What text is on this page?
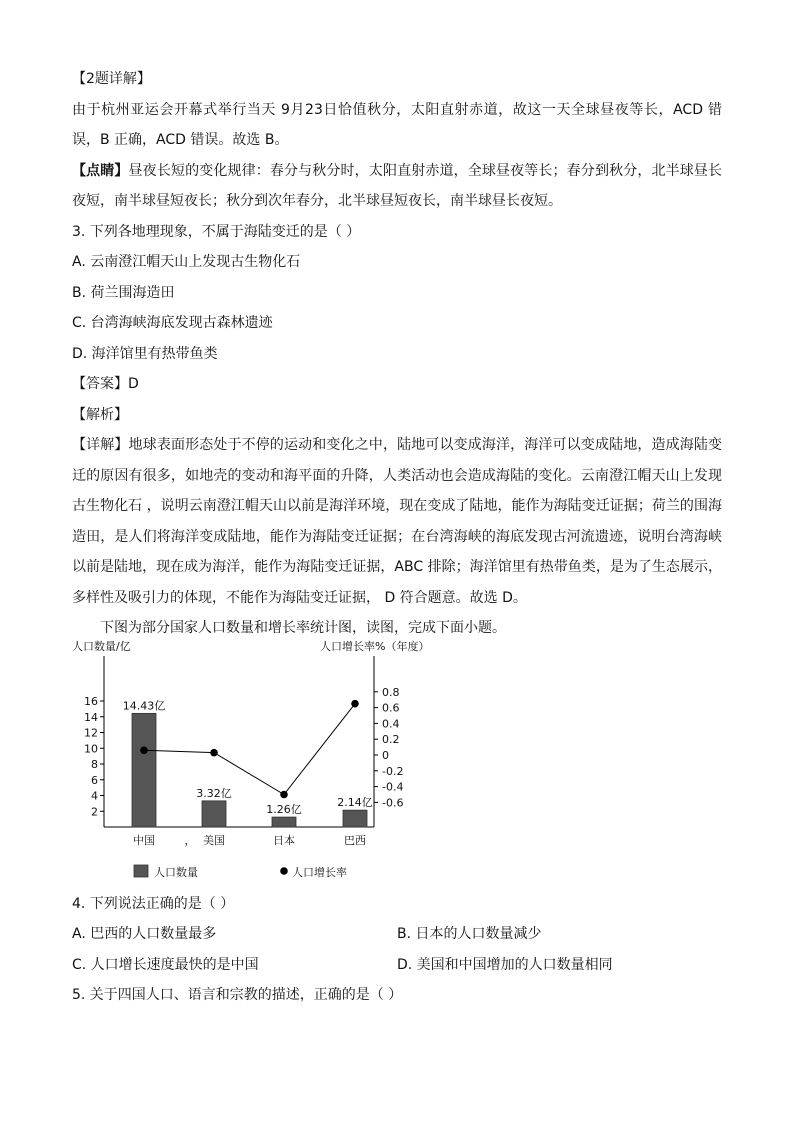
【2题详解】

由于杭州亚运会开幕式举行当天 9月23日恰值秋分，太阳直射赤道，故这一天全球昼夜等长，ACD 错误，B 正确，ACD 错误。故选 B。

【点睛】昼夜长短的变化规律：春分与秋分时，太阳直射赤道，全球昼夜等长；春分到秋分，北半球昼长夜短，南半球昼短夜长；秋分到次年春分，北半球昼短夜长，南半球昼长夜短。

3. 下列各地理现象，不属于海陆变迁的是（ ）

A. 云南澄江帽天山上发现古生物化石

B. 荷兰围海造田

C. 台湾海峡海底发现古森林遗迹

D. 海洋馆里有热带鱼类

【答案】D

【解析】

【详解】地球表面形态处于不停的运动和变化之中，陆地可以变成海洋，海洋可以变成陆地，造成海陆变迁的原因有很多，如地壳的变动和海平面的升降，人类活动也会造成海陆的变化。云南澄江帽天山上发现古生物化石 ，说明云南澄江帽天山以前是海洋环境，现在变成了陆地，能作为海陆变迁证据；荷兰的围海造田，是人们将海洋变成陆地，能作为海陆变迁证据；在台湾海峡的海底发现古河流遗迹，说明台湾海峡以前是陆地，现在成为海洋，能作为海陆变迁证据，ABC 排除；海洋馆里有热带鱼类，是为了生态展示，多样性及吸引力的体现，不能作为海陆变迁证据， D 符合题意。故选 D。

下图为部分国家人口数量和增长率统计图，读图，完成下面小题。

人口数量/亿	人口增长率%（年度）
2
4
6
8
10
12
14
16
-0.6
-0.4
-0.2
0
0.2
0.4
0.6
0.8
14.43亿
3.32亿
1.26亿
2.14亿
中国	美国
，	日本	巴西
人口数量	人口增长率

4. 下列说法正确的是（ ）

A. 巴西的人口数量最多	B. 日本的人口数量减少
C. 人口增长速度最快的是中国	D. 美国和中国增加的人口数量相同

5. 关于四国人口、语言和宗教的描述，正确的是（ ）
